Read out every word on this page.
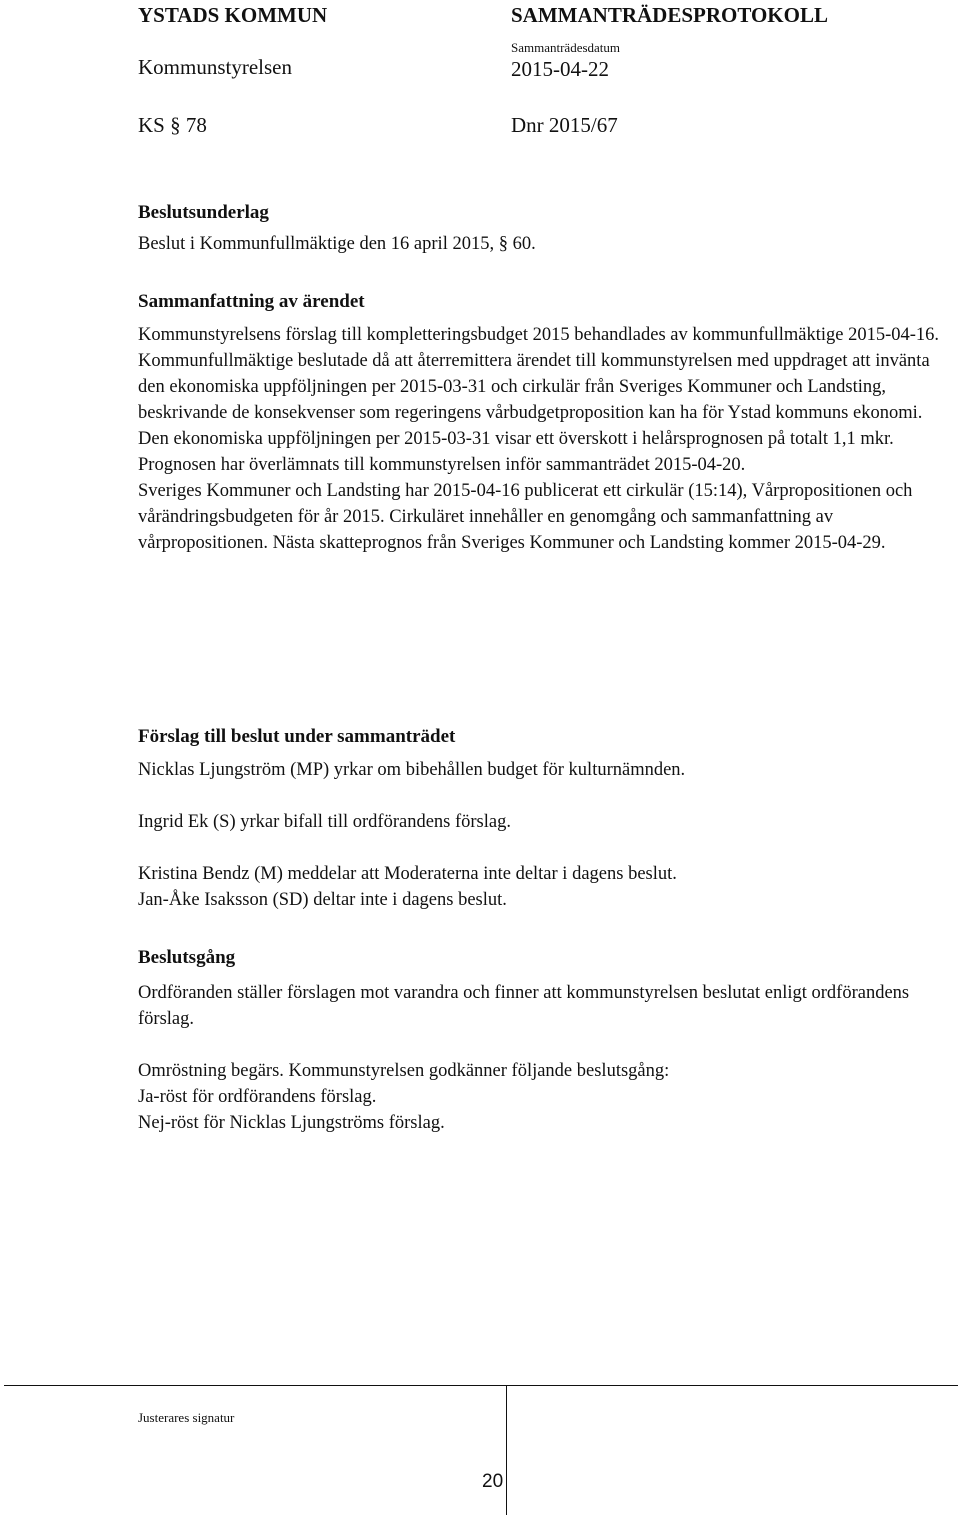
YSTADS KOMMUN	SAMMANTRÄDESPROTOKOLL
Kommunstyrelsen
Sammanträdesdatum
2015-04-22
KS § 78	Dnr 2015/67
Beslutsunderlag
Beslut i Kommunfullmäktige den 16 april 2015, § 60.
Sammanfattning av ärendet

Kommunstyrelsens förslag till kompletteringsbudget 2015 behandlades av kommunfullmäktige 2015-04-16. Kommunfullmäktige beslutade då att återremittera ärendet till kommunstyrelsen med uppdraget att invänta den ekonomiska uppföljningen per 2015-03-31 och cirkulär från Sveriges Kommuner och Landsting, beskrivande de konsekvenser som regeringens vårbudgetproposition kan ha för Ystad kommuns ekonomi.

Den ekonomiska uppföljningen per 2015-03-31 visar ett överskott i helårsprognosen på totalt 1,1 mkr. Prognosen har överlämnats till kommunstyrelsen inför sammanträdet 2015-04-20.

Sveriges Kommuner och Landsting har 2015-04-16 publicerat ett cirkulär (15:14), Vårpropositionen och vårändringsbudgeten för år 2015. Cirkuläret innehåller en genomgång och sammanfattning av vårpropositionen. Nästa skatteprognos från Sveriges Kommuner och Landsting kommer 2015-04-29.

Förslag till beslut under sammanträdet
Nicklas Ljungström (MP) yrkar om bibehållen budget för kulturnämnden.
Ingrid Ek (S) yrkar bifall till ordförandens förslag.
Kristina Bendz (M) meddelar att Moderaterna inte deltar i dagens beslut.
Jan-Åke Isaksson (SD) deltar inte i dagens beslut.
Beslutsgång
Ordföranden ställer förslagen mot varandra och finner att kommunstyrelsen beslutat enligt ordförandens förslag.
Omröstning begärs. Kommunstyrelsen godkänner följande beslutsgång:
Ja-röst för ordförandens förslag.
Nej-röst för Nicklas Ljungströms förslag.
Justerares signatur
20
